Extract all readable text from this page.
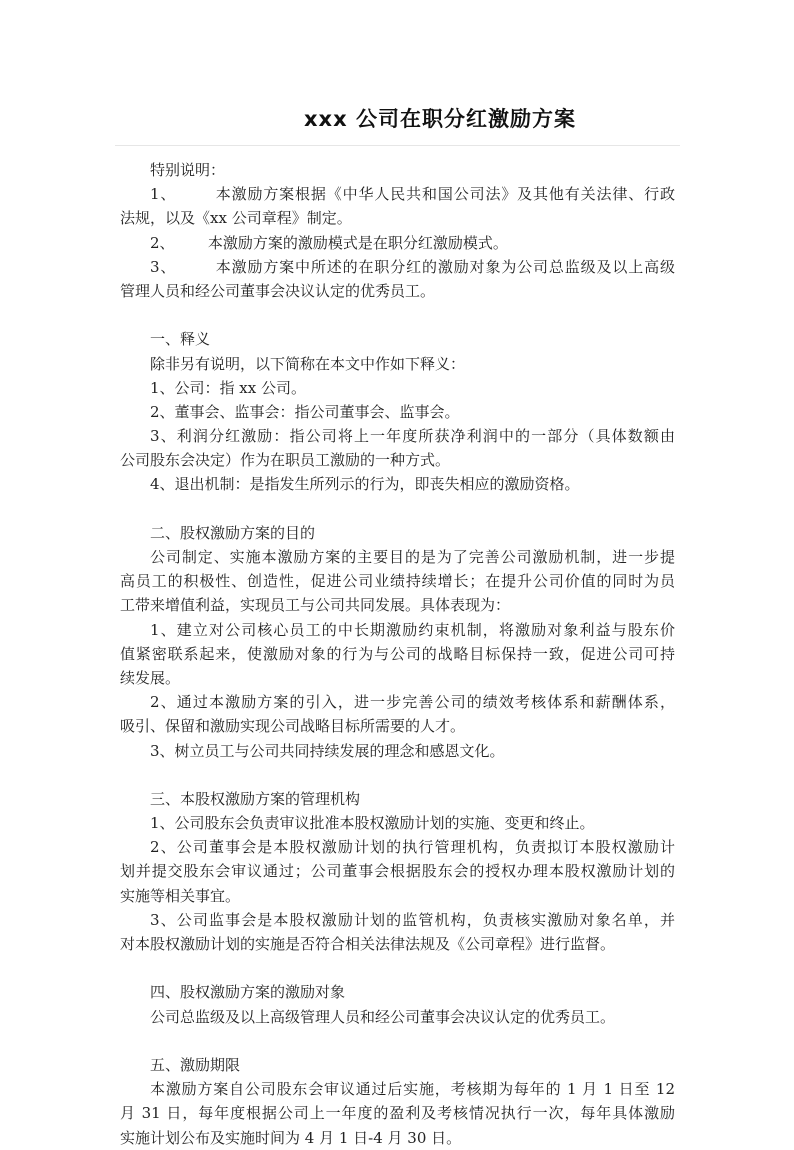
xxx 公司在职分红激励方案
特别说明：
1、       本激励方案根据《中华人民共和国公司法》及其他有关法律、行政
法规，以及《xx 公司章程》制定。
2、       本激励方案的激励模式是在职分红激励模式。
3、       本激励方案中所述的在职分红的激励对象为公司总监级及以上高级
管理人员和经公司董事会决议认定的优秀员工。
一、释义
除非另有说明，以下简称在本文中作如下释义：
1、公司：指 xx 公司。
2、董事会、监事会：指公司董事会、监事会。
3、利润分红激励：指公司将上一年度所获净利润中的一部分（具体数额由
公司股东会决定）作为在职员工激励的一种方式。
4、退出机制：是指发生所列示的行为，即丧失相应的激励资格。
二、股权激励方案的目的
公司制定、实施本激励方案的主要目的是为了完善公司激励机制，进一步提
高员工的积极性、创造性，促进公司业绩持续增长；在提升公司价值的同时为员
工带来增值利益，实现员工与公司共同发展。具体表现为：
1、建立对公司核心员工的中长期激励约束机制，将激励对象利益与股东价
值紧密联系起来，使激励对象的行为与公司的战略目标保持一致，促进公司可持
续发展。
2、通过本激励方案的引入，进一步完善公司的绩效考核体系和薪酬体系，
吸引、保留和激励实现公司战略目标所需要的人才。
3、树立员工与公司共同持续发展的理念和感恩文化。
三、本股权激励方案的管理机构
1、公司股东会负责审议批准本股权激励计划的实施、变更和终止。
2、公司董事会是本股权激励计划的执行管理机构，负责拟订本股权激励计
划并提交股东会审议通过；公司董事会根据股东会的授权办理本股权激励计划的
实施等相关事宜。
3、公司监事会是本股权激励计划的监管机构，负责核实激励对象名单，并
对本股权激励计划的实施是否符合相关法律法规及《公司章程》进行监督。
四、股权激励方案的激励对象
公司总监级及以上高级管理人员和经公司董事会决议认定的优秀员工。
五、激励期限
本激励方案自公司股东会审议通过后实施，考核期为每年的 1 月 1 日至 12
月 31 日，每年度根据公司上一年度的盈利及考核情况执行一次，每年具体激励
实施计划公布及实施时间为 4 月 1 日-4 月 30 日。
